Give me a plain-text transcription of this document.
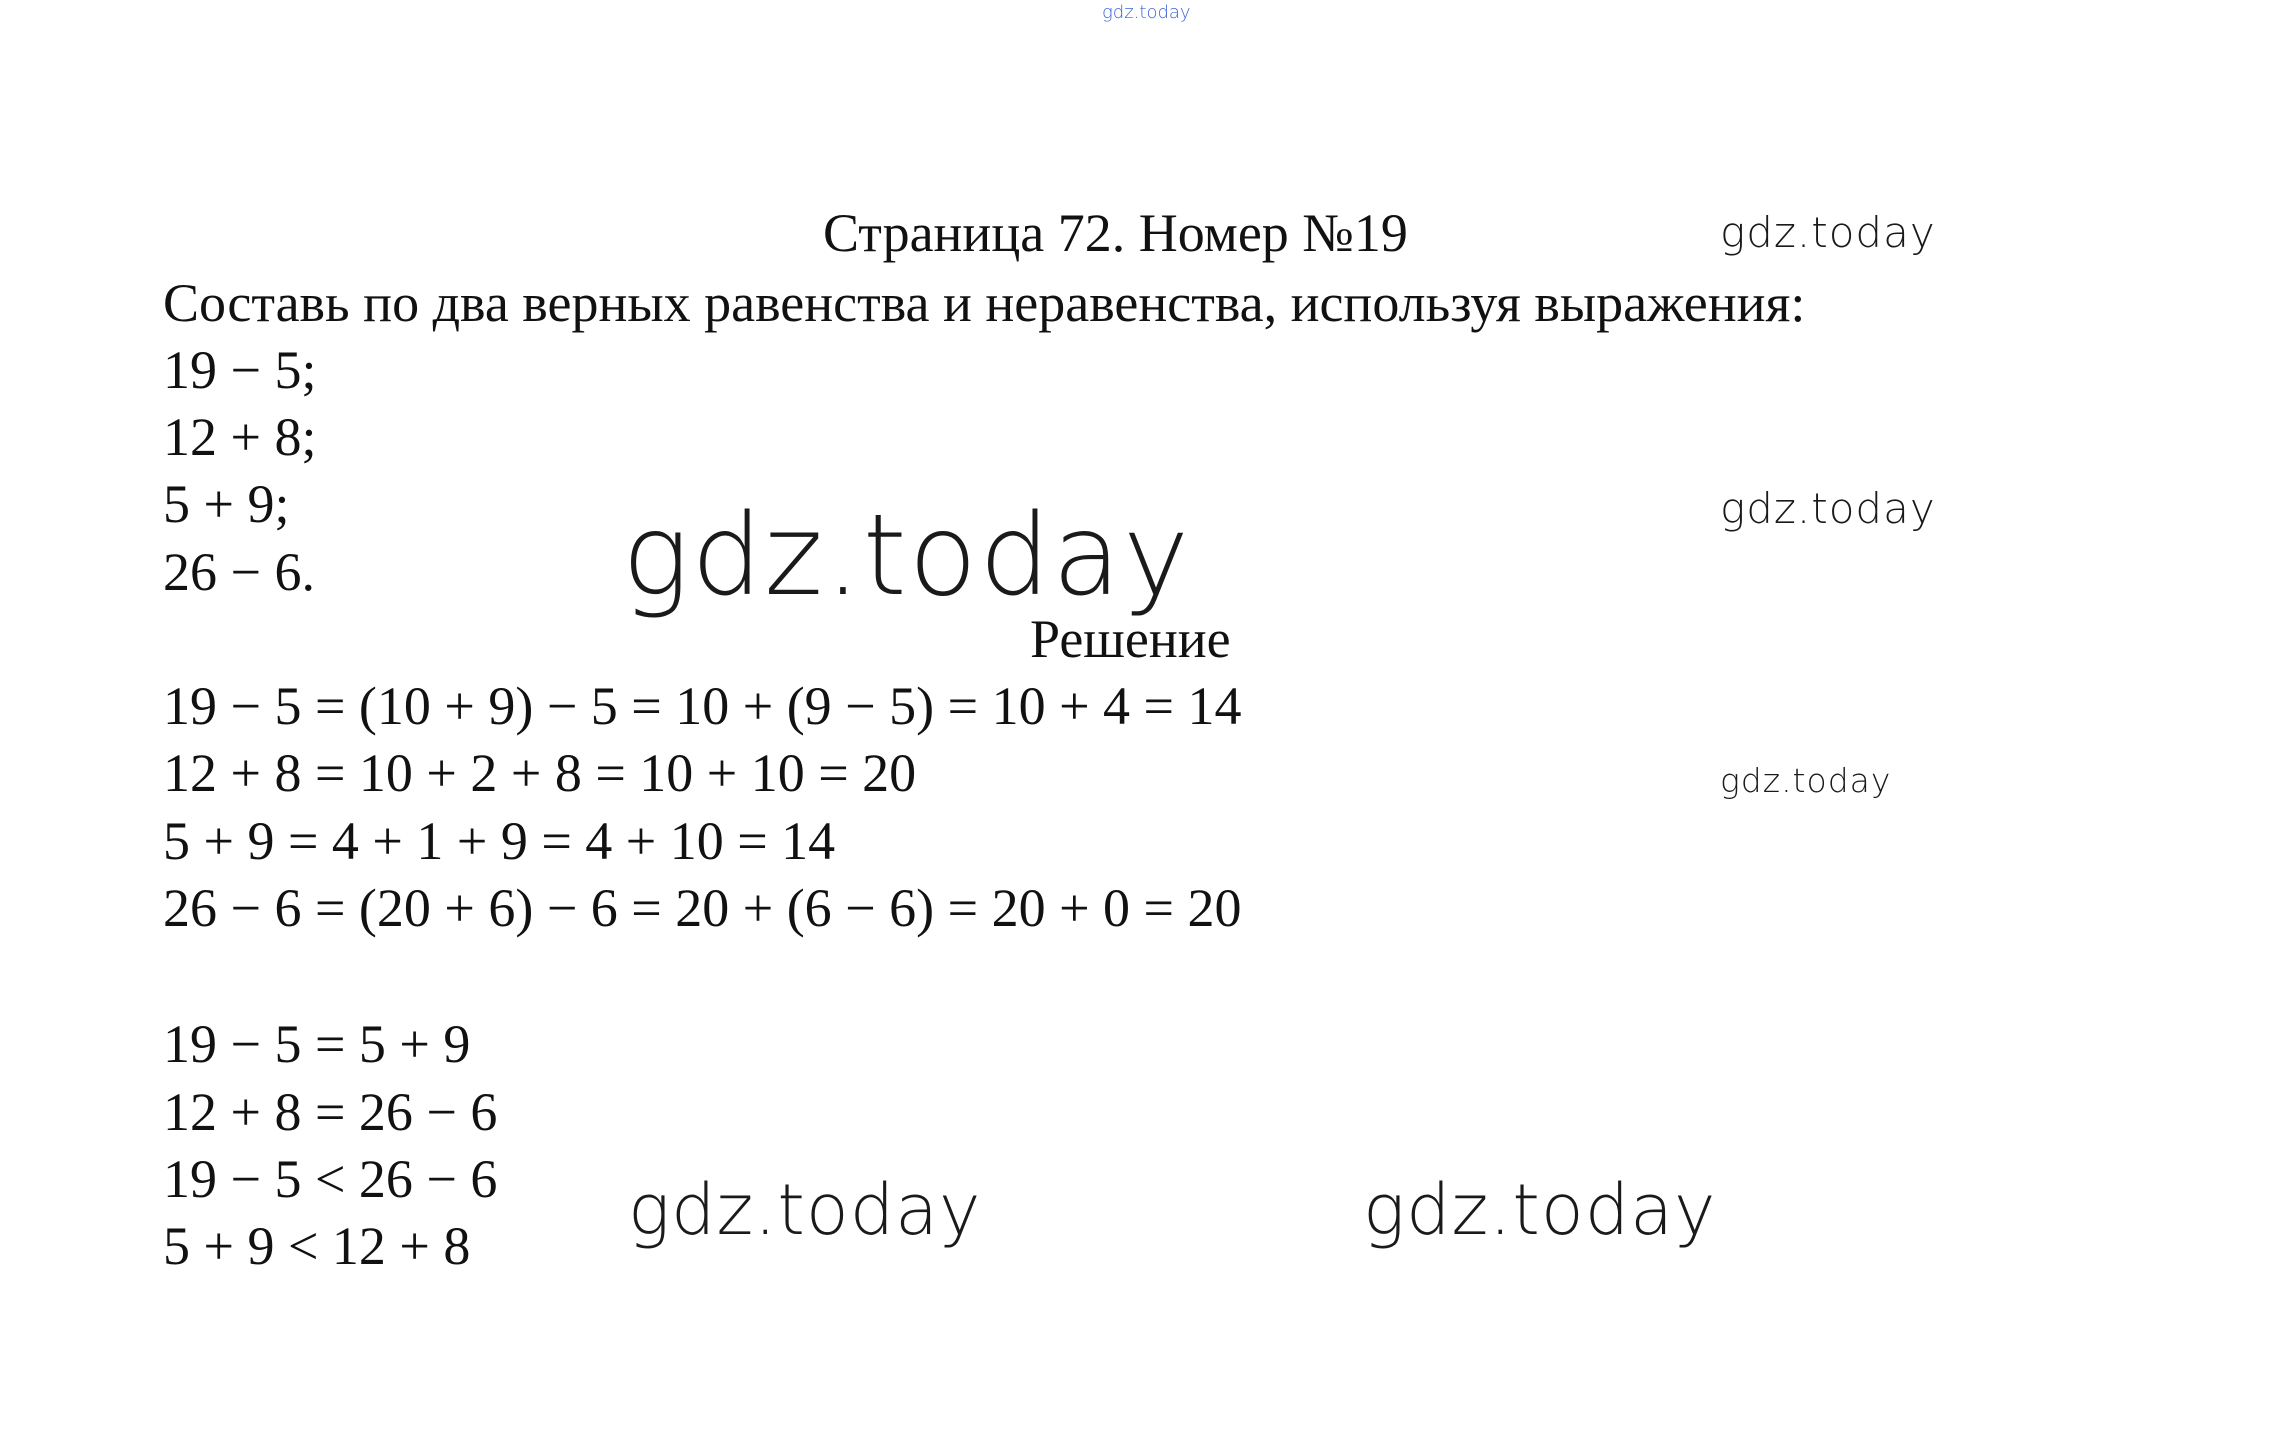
gdz.today
Страница 72. Номер №19	gdz.today
Составь по два верных равенства и неравенства, используя выражения:
19 − 5;
12 + 8;
5 + 9;
26 − 6.
gdz.today
gdz.today
Решение
19 − 5 = (10 + 9) − 5 = 10 + (9 − 5) = 10 + 4 = 14
12 + 8 = 10 + 2 + 8 = 10 + 10 = 20	gdz.today
5 + 9 = 4 + 1 + 9 = 4 + 10 = 14
26 − 6 = (20 + 6) − 6 = 20 + (6 − 6) = 20 + 0 = 20
19 − 5 = 5 + 9
12 + 8 = 26 − 6
19 − 5 < 26 − 6
5 + 9 < 12 + 8 gdz.today	gdz.today
